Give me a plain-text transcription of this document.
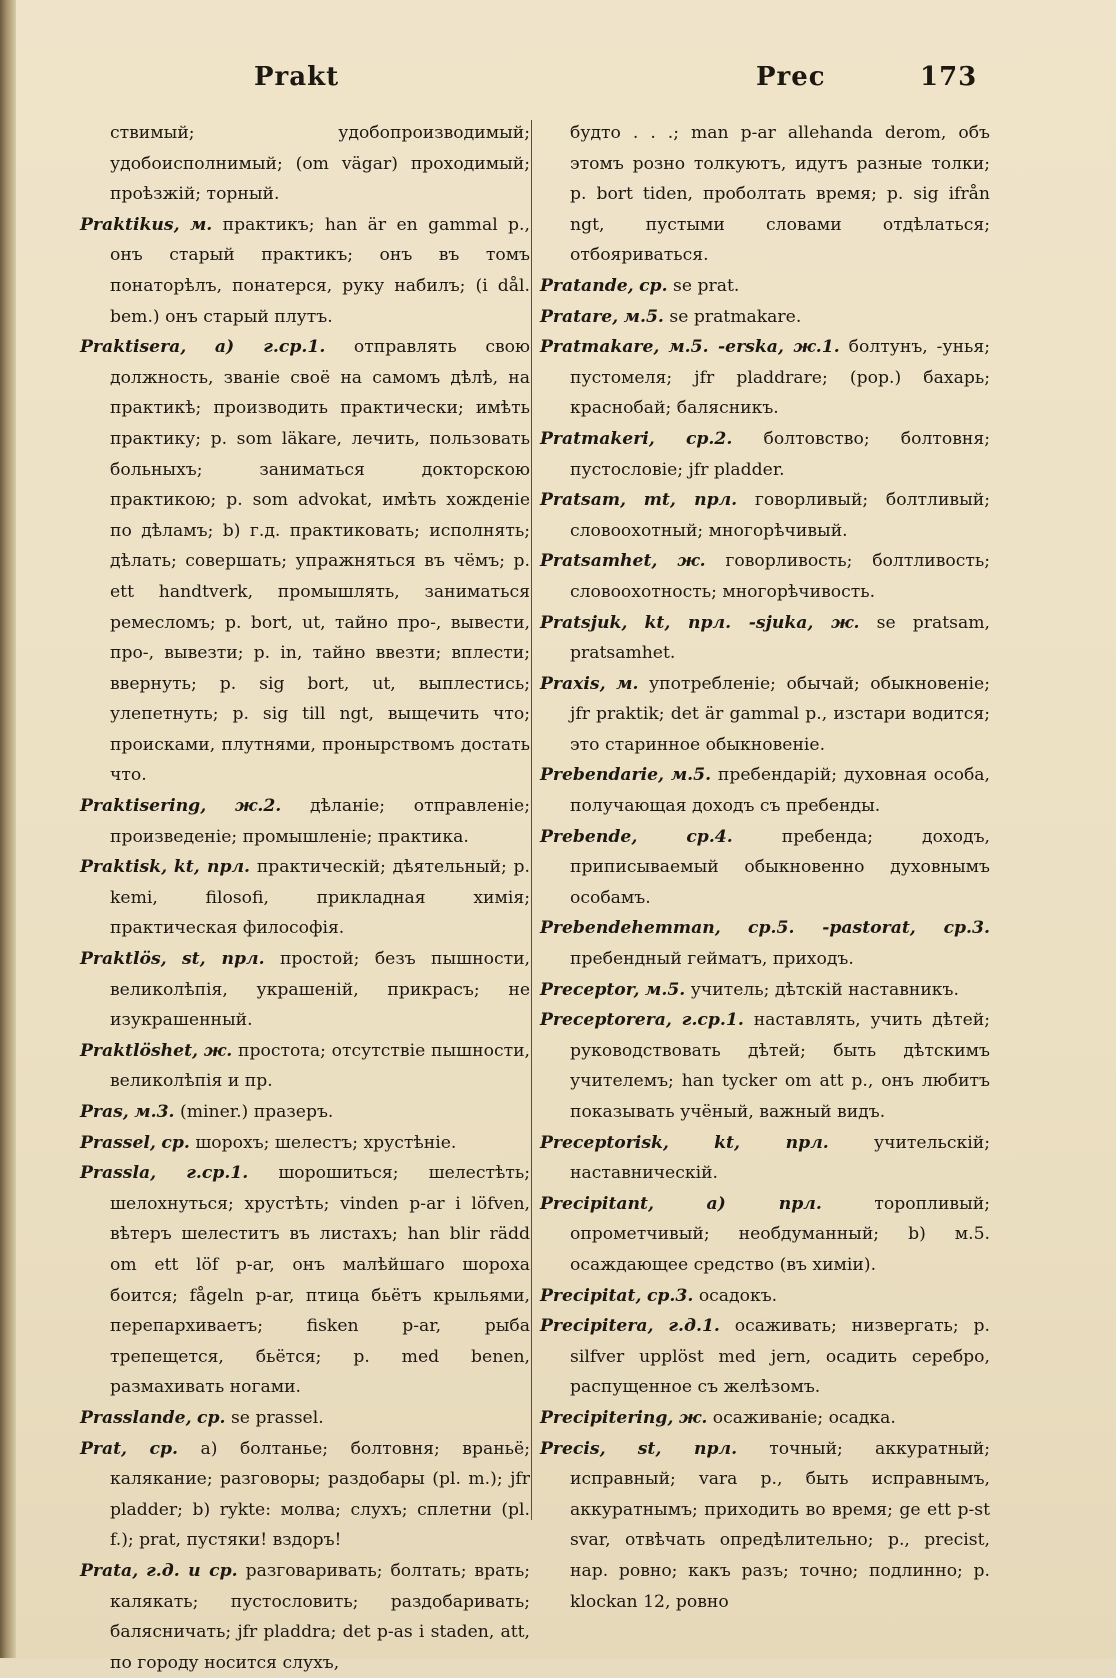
Prakt	Prec	173

ствимый; удобопроизводимый; удобоисполнимый; (om vägar) проходимый; проѣзжій; торный.

Praktikus, м. практикъ; han är en gammal p., онъ старый практикъ; онъ въ томъ понаторѣлъ, понатерся, руку набилъ; (i dål. bem.) онъ старый плутъ.

Praktisera, a) г.ср.1. отправлять свою должность, званіе своё на самомъ дѣлѣ, на практикѣ; производить практически; имѣть практику; p. som läkare, лечить, пользовать больныхъ; заниматься докторскою практикою; p. som advokat, имѣть хожденіе по дѣламъ; b) г.д. практиковать; исполнять; дѣлать; совершать; упражняться въ чёмъ; p. ett handtverk, промышлять, заниматься ремесломъ; p. bort, ut, тайно про-, вывести, про-, вывезти; p. in, тайно ввезти; вплести; ввернуть; p. sig bort, ut, выплестись; улепетнуть; p. sig till ngt, выщечить что; происками, плутнями, пронырствомъ достать что.

Praktisering, ж.2. дѣланіе; отправленіе; произведеніе; промышленіе; практика.

Praktisk, kt, прл. практическій; дѣятельный; p. kemi, filosofi, прикладная химія; практическая философія.

Praktlös, st, прл. простой; безъ пышности, великолѣпія, украшеній, прикрасъ; не изукрашенный.

Praktlöshet, ж. простота; отсутствіе пышности, великолѣпія и пр.

Pras, м.3. (miner.) празеръ.

Prassel, ср. шорохъ; шелестъ; хрустѣніе.

Prassla, г.ср.1. шорошиться; шелестѣть; шелохнуться; хрустѣть; vinden p-ar i löfven, вѣтеръ шелеститъ въ листахъ; han blir rädd om ett löf p-ar, онъ малѣйшаго шороха боится; fågeln p-ar, птица бьётъ крыльями, перепархиваетъ; fisken p-ar, рыба трепещется, бьётся; p. med benen, размахивать ногами.

Prasslande, ср. se prassel.

Prat, ср. a) болтанье; болтовня; враньё; калякание; разговоры; раздобары (pl. m.); jfr pladder; b) rykte: молва; слухъ; сплетни (pl. f.); prat, пустяки! вздоръ!

Prata, г.д. и ср. разговаривать; болтать; врать; калякать; пустословить; раздобаривать; балясничать; jfr pladdra; det p-as i staden, att, по городу носится слухъ,

будто . . .; man p-ar allehanda derom, объ этомъ розно толкуютъ, идутъ разные толки; p. bort tiden, проболтать время; p. sig ifrån ngt, пустыми словами отдѣлаться; отбояриваться.

Pratande, ср. se prat.

Pratare, м.5. se pratmakare.

Pratmakare, м.5. -erska, ж.1. болтунъ, -унья; пустомеля; jfr pladdrare; (pop.) бахарь; краснобай; балясникъ.

Pratmakeri, ср.2. болтовство; болтовня; пустословіе; jfr pladder.

Pratsam, mt, прл. говорливый; болтливый; словоохотный; многорѣчивый.

Pratsamhet, ж. говорливость; болтливость; словоохотность; многорѣчивость.

Pratsjuk, kt, прл. -sjuka, ж. se pratsam, pratsamhet.

Praxis, м. употребленіе; обычай; обыкновеніе; jfr praktik; det är gammal p., изстари водится; это старинное обыкновеніе.

Prebendarie, м.5. пребендарій; духовная особа, получающая доходъ съ пребенды.

Prebende,	ср.4.	пребенда; доходъ, приписываемый обыкновенно духовнымъ особамъ.

Prebendehemman, ср.5. -pastorat, ср.3. пребендный гейматъ, приходъ.

Preceptor, м.5. учитель; дѣтскій наставникъ.

Preceptorera, г.ср.1. наставлять, учить дѣтей; руководствовать дѣтей; быть дѣтскимъ учителемъ; han tycker om att p., онъ любитъ показывать учёный, важный видъ.

Preceptorisk,	kt, прл.	учительскій; наставническій.

Precipitant,	a) прл.	торопливый; опрометчивый; необдуманный; b) м.5. осаждающее средство (въ химіи).

Precipitat, ср.3. осадокъ.

Precipitera, г.д.1. осаживать; низвергать; p. silfver upplöst med jern, осадить серебро, распущенное съ желѣзомъ.

Precipitering, ж. осаживаніе; осадка.

Precis, st, прл. точный; аккуратный; исправный; vara p., быть исправнымъ, аккуратнымъ; приходить во время; ge ett p-st svar, отвѣчать опредѣлительно; p., precist, нар. ровно; какъ разъ; точно; подлинно; p. klockan 12, ровно
